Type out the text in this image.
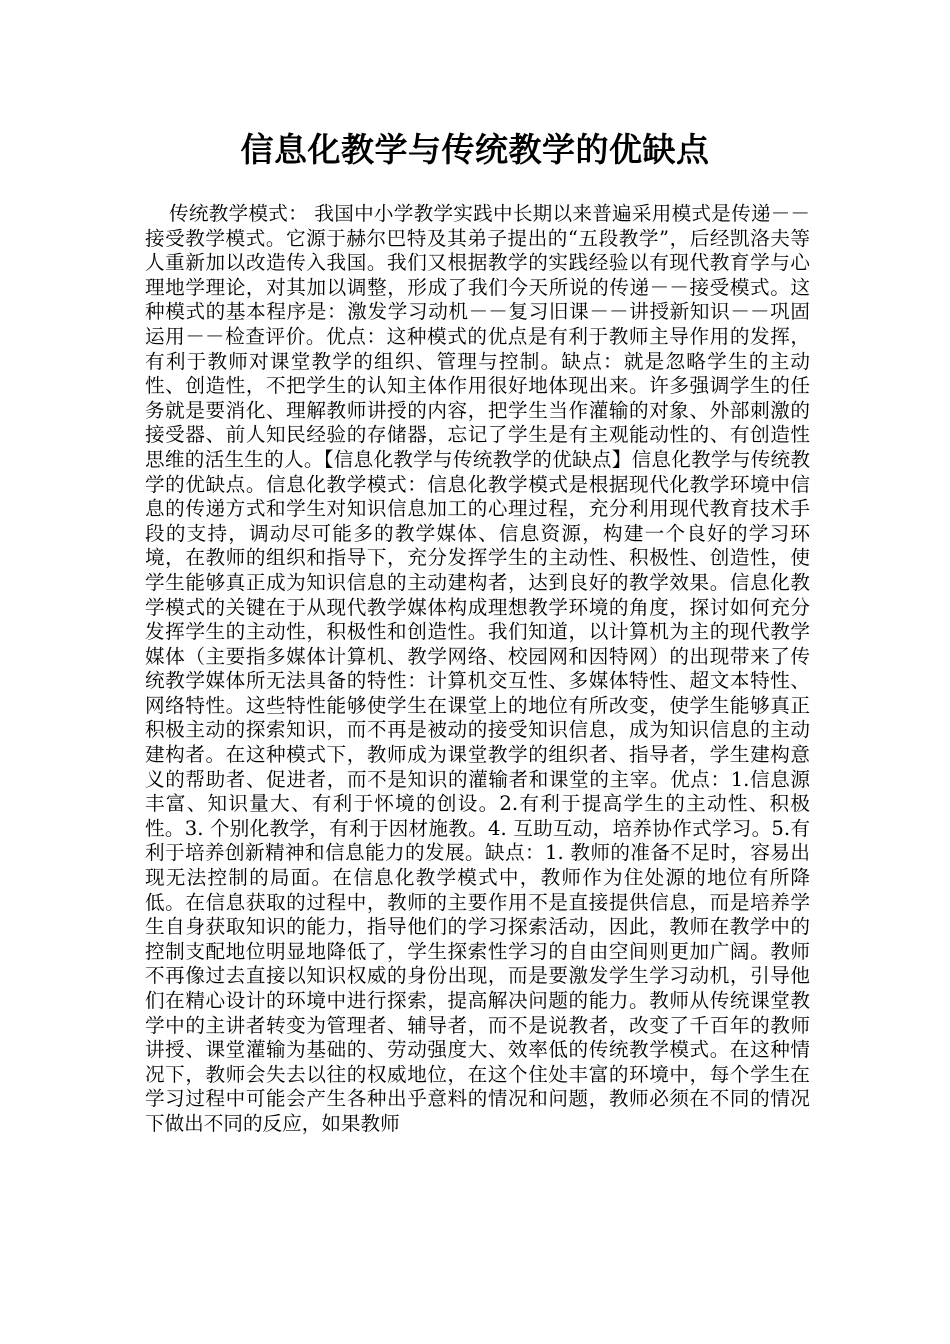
信息化教学与传统教学的优缺点

传统教学模式： 我国中小学教学实践中长期以来普遍采用模式是传递－－接受教学模式。它源于赫尔巴特及其弟子提出的“五段教学”，后经凯洛夫等人重新加以改造传入我国。我们又根据教学的实践经验以有现代教育学与心理地学理论，对其加以调整，形成了我们今天所说的传递－－接受模式。这种模式的基本程序是：激发学习动机－－复习旧课－－讲授新知识－－巩固运用－－检查评价。优点：这种模式的优点是有利于教师主导作用的发挥，有利于教师对课堂教学的组织、管理与控制。缺点：就是忽略学生的主动性、创造性，不把学生的认知主体作用很好地体现出来。许多强调学生的任务就是要消化、理解教师讲授的内容，把学生当作灌输的对象、外部刺激的接受器、前人知民经验的存储器，忘记了学生是有主观能动性的、有创造性思维的活生生的人。【信息化教学与传统教学的优缺点】信息化教学与传统教学的优缺点。信息化教学模式：信息化教学模式是根据现代化教学环境中信息的传递方式和学生对知识信息加工的心理过程，充分利用现代教育技术手段的支持，调动尽可能多的教学媒体、信息资源，构建一个良好的学习环境，在教师的组织和指导下，充分发挥学生的主动性、积极性、创造性，使学生能够真正成为知识信息的主动建构者，达到良好的教学效果。信息化教学模式的关键在于从现代教学媒体构成理想教学环境的角度，探讨如何充分发挥学生的主动性，积极性和创造性。我们知道，以计算机为主的现代教学媒体（主要指多媒体计算机、教学网络、校园网和因特网）的出现带来了传统教学媒体所无法具备的特性：计算机交互性、多媒体特性、超文本特性、网络特性。这些特性能够使学生在课堂上的地位有所改变，使学生能够真正积极主动的探索知识，而不再是被动的接受知识信息，成为知识信息的主动建构者。在这种模式下，教师成为课堂教学的组织者、指导者，学生建构意义的帮助者、促进者，而不是知识的灌输者和课堂的主宰。优点：1.信息源丰富、知识量大、有利于怀境的创设。2.有利于提高学生的主动性、积极性。3. 个别化教学，有利于因材施教。4. 互助互动，培养协作式学习。5.有利于培养创新精神和信息能力的发展。缺点：1. 教师的准备不足时，容易出现无法控制的局面。在信息化教学模式中，教师作为住处源的地位有所降低。在信息获取的过程中，教师的主要作用不是直接提供信息，而是培养学生自身获取知识的能力，指导他们的学习探索活动，因此，教师在教学中的控制支配地位明显地降低了，学生探索性学习的自由空间则更加广阔。教师不再像过去直接以知识权威的身份出现，而是要激发学生学习动机，引导他们在精心设计的环境中进行探索，提高解决问题的能力。教师从传统课堂教学中的主讲者转变为管理者、辅导者，而不是说教者，改变了千百年的教师讲授、课堂灌输为基础的、劳动强度大、效率低的传统教学模式。在这种情况下，教师会失去以往的权威地位，在这个住处丰富的环境中，每个学生在学习过程中可能会产生各种出乎意料的情况和问题，教师必须在不同的情况下做出不同的反应，如果教师
